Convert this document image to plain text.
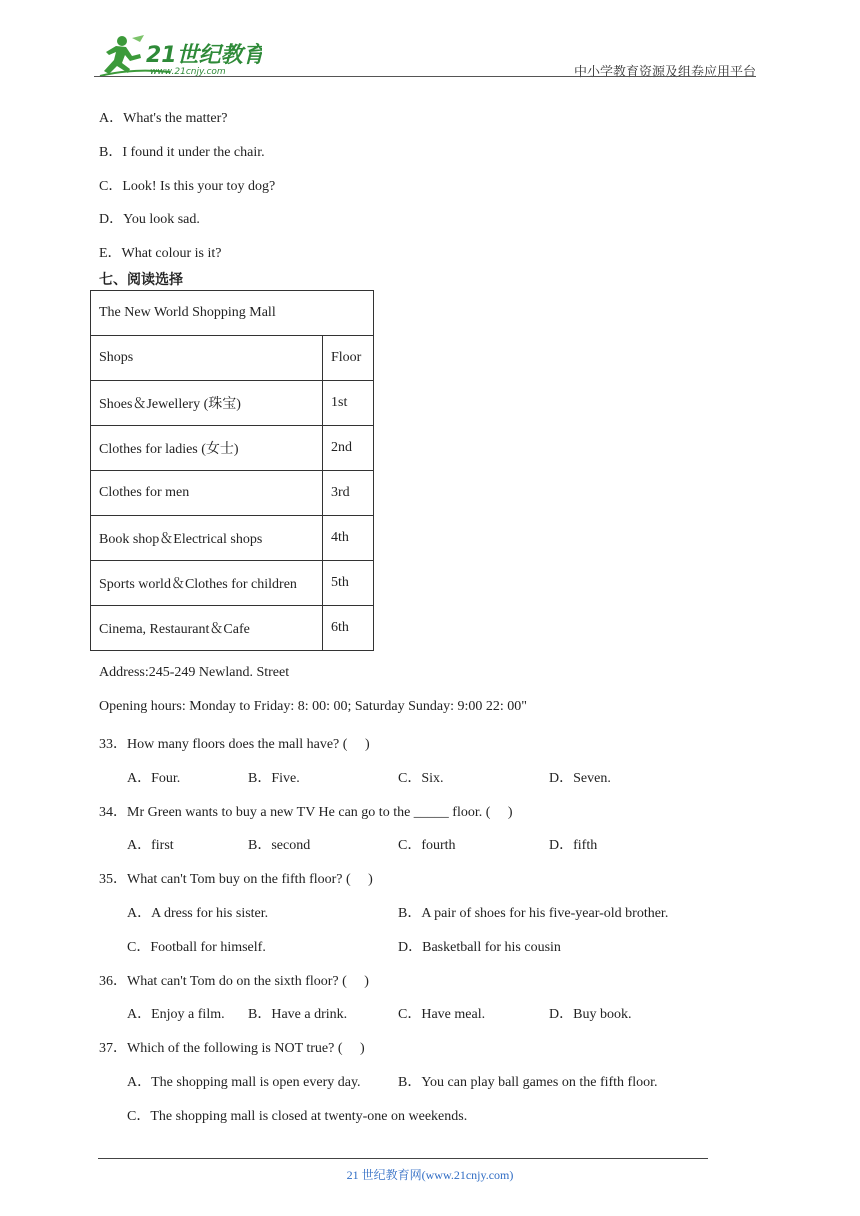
21世纪教育
www.21cnjy.com	中小学教育资源及组卷应用平台
A．What's the matter?
B．I found it under the chair.
C．Look! Is this your toy dog?
D．You look sad.
E．What colour is it?
七、阅读选择
The New World Shopping Mall	
Shops	Floor
Shoes＆Jewellery (珠宝)	1st
Clothes for ladies (女士)	2nd
Clothes for men	3rd
Book shop＆Electrical shops	4th
Sports world＆Clothes for children	5th
Cinema, Restaurant＆Cafe	6th
Address:245-249 Newland. Street
Opening hours: Monday to Friday: 8: 00: 00; Saturday Sunday: 9:00 22: 00"
33．How many floors does the mall have? (　 )
A．Four.	B．Five.	C．Six.	D．Seven.
34．Mr Green wants to buy a new TV He can go to the _____ floor. (　 )
A．first	B．second	C．fourth	D．fifth
35．What can't Tom buy on the fifth floor? (　 )
A．A dress for his sister.	B．A pair of shoes for his five-year-old brother.
C．Football for himself.	D．Basketball for his cousin
36．What can't Tom do on the sixth floor? (　 )
A．Enjoy a film. B．Have a drink.	C．Have meal.	D．Buy book.
37．Which of the following is NOT true? (　 )
A．The shopping mall is open every day.	B．You can play ball games on the fifth floor.
C．The shopping mall is closed at twenty-one on weekends.
21 世纪教育网(www.21cnjy.com)
